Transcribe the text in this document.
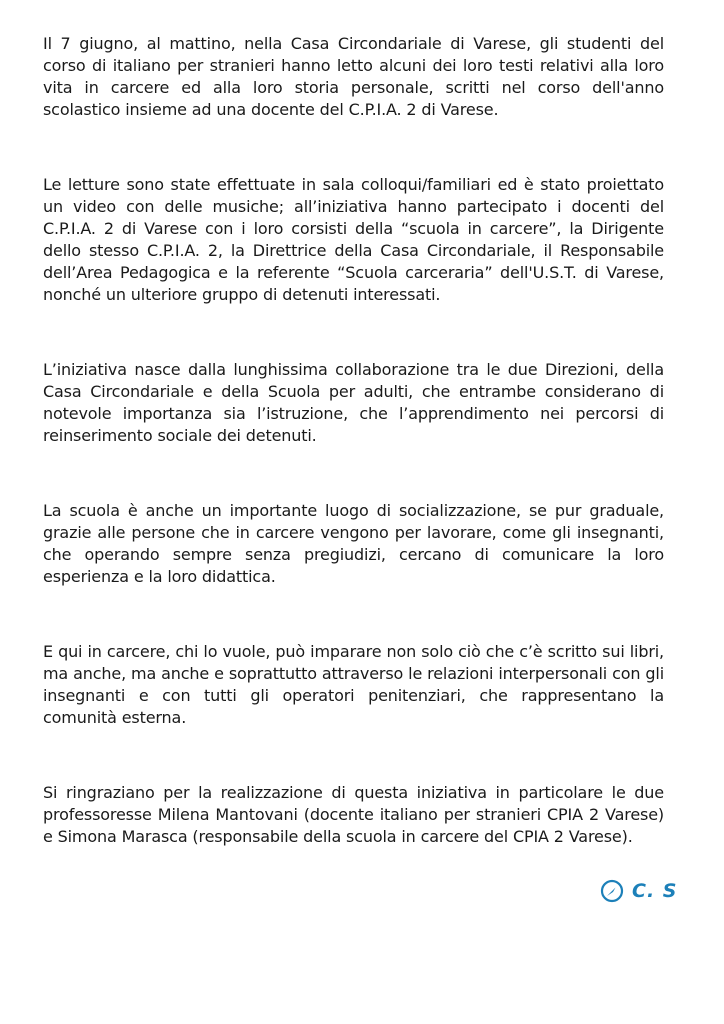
Il 7 giugno, al mattino, nella Casa Circondariale di Varese, gli studenti del corso di italiano per stranieri hanno letto alcuni dei loro testi relativi alla loro vita in carcere ed alla loro storia personale, scritti nel corso dell'anno scolastico insieme ad una docente del C.P.I.A. 2 di Varese.

Le letture sono state effettuate in sala colloqui/familiari ed è stato proiettato un video con delle musiche; all’iniziativa hanno partecipato i docenti del C.P.I.A. 2 di Varese con i loro corsisti della “scuola in carcere”, la Dirigente dello stesso C.P.I.A. 2, la Direttrice della Casa Circondariale, il Responsabile dell’Area Pedagogica e la referente “Scuola carceraria” dell'U.S.T. di Varese, nonché un ulteriore gruppo di detenuti interessati.

L’iniziativa nasce dalla lunghissima collaborazione tra le due Direzioni, della Casa Circondariale e della Scuola per adulti, che entrambe considerano di notevole importanza sia l’istruzione, che l’apprendimento nei percorsi di reinserimento sociale dei detenuti.

La scuola è anche un importante luogo di socializzazione, se pur graduale, grazie alle persone che in carcere vengono per lavorare, come gli insegnanti, che operando sempre senza pregiudizi, cercano di comunicare la loro esperienza e la loro didattica.

E qui in carcere, chi lo vuole, può imparare non solo ciò che c’è scritto sui libri, ma anche, ma anche e soprattutto attraverso le relazioni interpersonali con gli insegnanti e con tutti gli operatori penitenziari, che rappresentano la comunità esterna.

Si ringraziano per la realizzazione di questa iniziativa in particolare le due professoresse Milena Mantovani (docente italiano per stranieri CPIA 2 Varese) e Simona Marasca (responsabile della scuola in carcere del CPIA 2 Varese).

C. S
